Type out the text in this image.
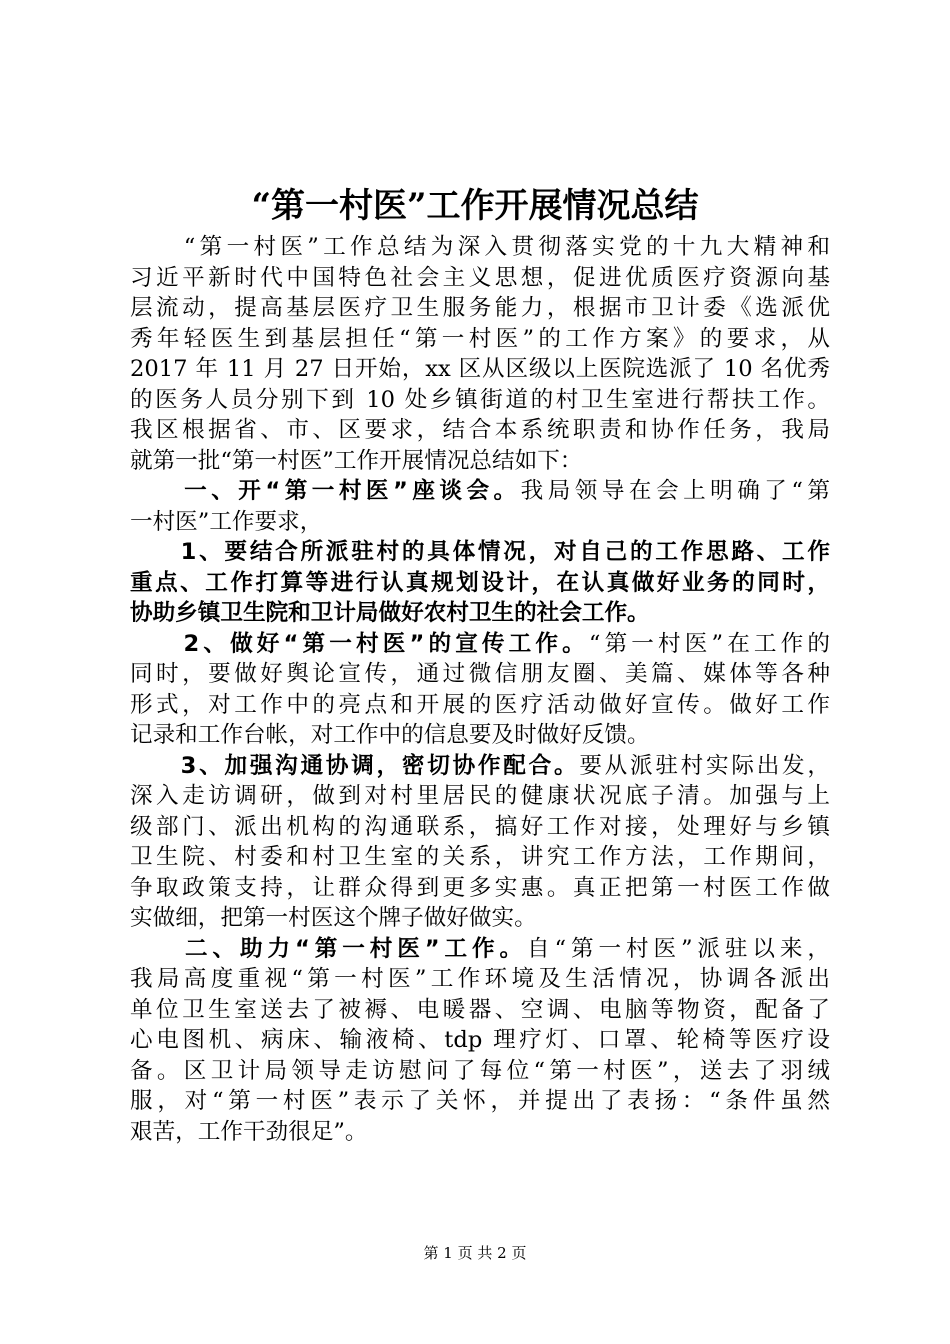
“第一村医”工作开展情况总结
　　“第一村医”工作总结为深入贯彻落实党的十九大精神和
习近平新时代中国特色社会主义思想，促进优质医疗资源向基
层流动，提高基层医疗卫生服务能力，根据市卫计委《选派优
秀年轻医生到基层担任“第一村医”的工作方案》的要求，从
2017 年 11 月 27 日开始，xx 区从区级以上医院选派了 10 名优秀
的医务人员分别下到 10 处乡镇街道的村卫生室进行帮扶工作。
我区根据省、市、区要求，结合本系统职责和协作任务，我局
就第一批“第一村医”工作开展情况总结如下：
　　一、开“第一村医”座谈会。我局领导在会上明确了“第
一村医”工作要求，
　　1、要结合所派驻村的具体情况，对自己的工作思路、工作
重点、工作打算等进行认真规划设计，在认真做好业务的同时，
协助乡镇卫生院和卫计局做好农村卫生的社会工作。
　　2、做好“第一村医”的宣传工作。“第一村医”在工作的
同时，要做好舆论宣传，通过微信朋友圈、美篇、媒体等各种
形式，对工作中的亮点和开展的医疗活动做好宣传。做好工作
记录和工作台帐，对工作中的信息要及时做好反馈。
　　3、加强沟通协调，密切协作配合。要从派驻村实际出发，
深入走访调研，做到对村里居民的健康状况底子清。加强与上
级部门、派出机构的沟通联系，搞好工作对接，处理好与乡镇
卫生院、村委和村卫生室的关系，讲究工作方法，工作期间，
争取政策支持，让群众得到更多实惠。真正把第一村医工作做
实做细，把第一村医这个牌子做好做实。
　　二、助力“第一村医”工作。自“第一村医”派驻以来，
我局高度重视“第一村医”工作环境及生活情况，协调各派出
单位卫生室送去了被褥、电暖器、空调、电脑等物资，配备了
心电图机、病床、输液椅、tdp 理疗灯、口罩、轮椅等医疗设
备。区卫计局领导走访慰问了每位“第一村医”，送去了羽绒
服，对“第一村医”表示了关怀，并提出了表扬：“条件虽然
艰苦，工作干劲很足”。
第 1 页 共 2 页
